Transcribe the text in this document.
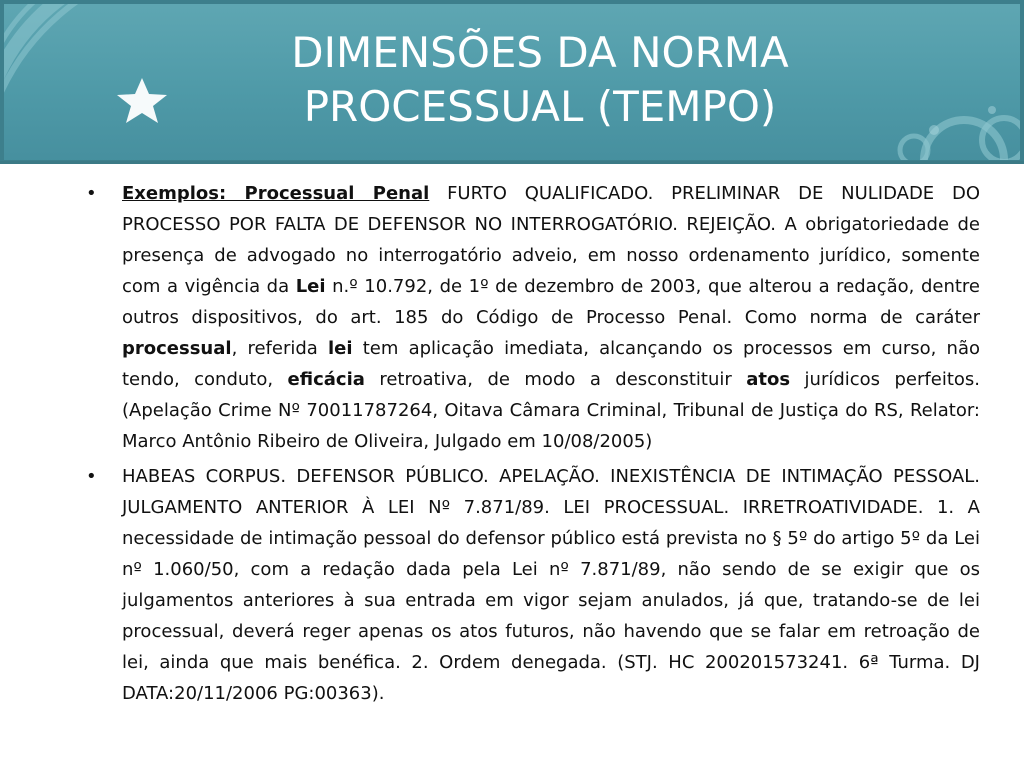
DIMENSÕES DA NORMA
PROCESSUAL (TEMPO)
• Exemplos: Processual Penal FURTO QUALIFICADO. PRELIMINAR DE NULIDADE DO PROCESSO POR FALTA DE DEFENSOR NO INTERROGATÓRIO. REJEIÇÃO. A obrigatoriedade de presença de advogado no interrogatório adveio, em nosso ordenamento jurídico, somente com a vigência da Lei n.º 10.792, de 1º de dezembro de 2003, que alterou a redação, dentre outros dispositivos, do art. 185 do Código de Processo Penal. Como norma de caráter processual, referida lei tem aplicação imediata, alcançando os processos em curso, não tendo, conduto, eficácia retroativa, de modo a desconstituir atos jurídicos perfeitos. (Apelação Crime Nº 70011787264, Oitava Câmara Criminal, Tribunal de Justiça do RS, Relator: Marco Antônio Ribeiro de Oliveira, Julgado em 10/08/2005)
• HABEAS CORPUS. DEFENSOR PÚBLICO. APELAÇÃO. INEXISTÊNCIA DE INTIMAÇÃO PESSOAL. JULGAMENTO ANTERIOR À LEI Nº 7.871/89. LEI PROCESSUAL. IRRETROATIVIDADE. 1. A necessidade de intimação pessoal do defensor público está prevista no § 5º do artigo 5º da Lei nº 1.060/50, com a redação dada pela Lei nº 7.871/89, não sendo de se exigir que os julgamentos anteriores à sua entrada em vigor sejam anulados, já que, tratando-se de lei processual, deverá reger apenas os atos futuros, não havendo que se falar em retroação de lei, ainda que mais benéfica. 2. Ordem denegada. (STJ. HC 200201573241. 6ª Turma. DJ DATA:20/11/2006 PG:00363).
